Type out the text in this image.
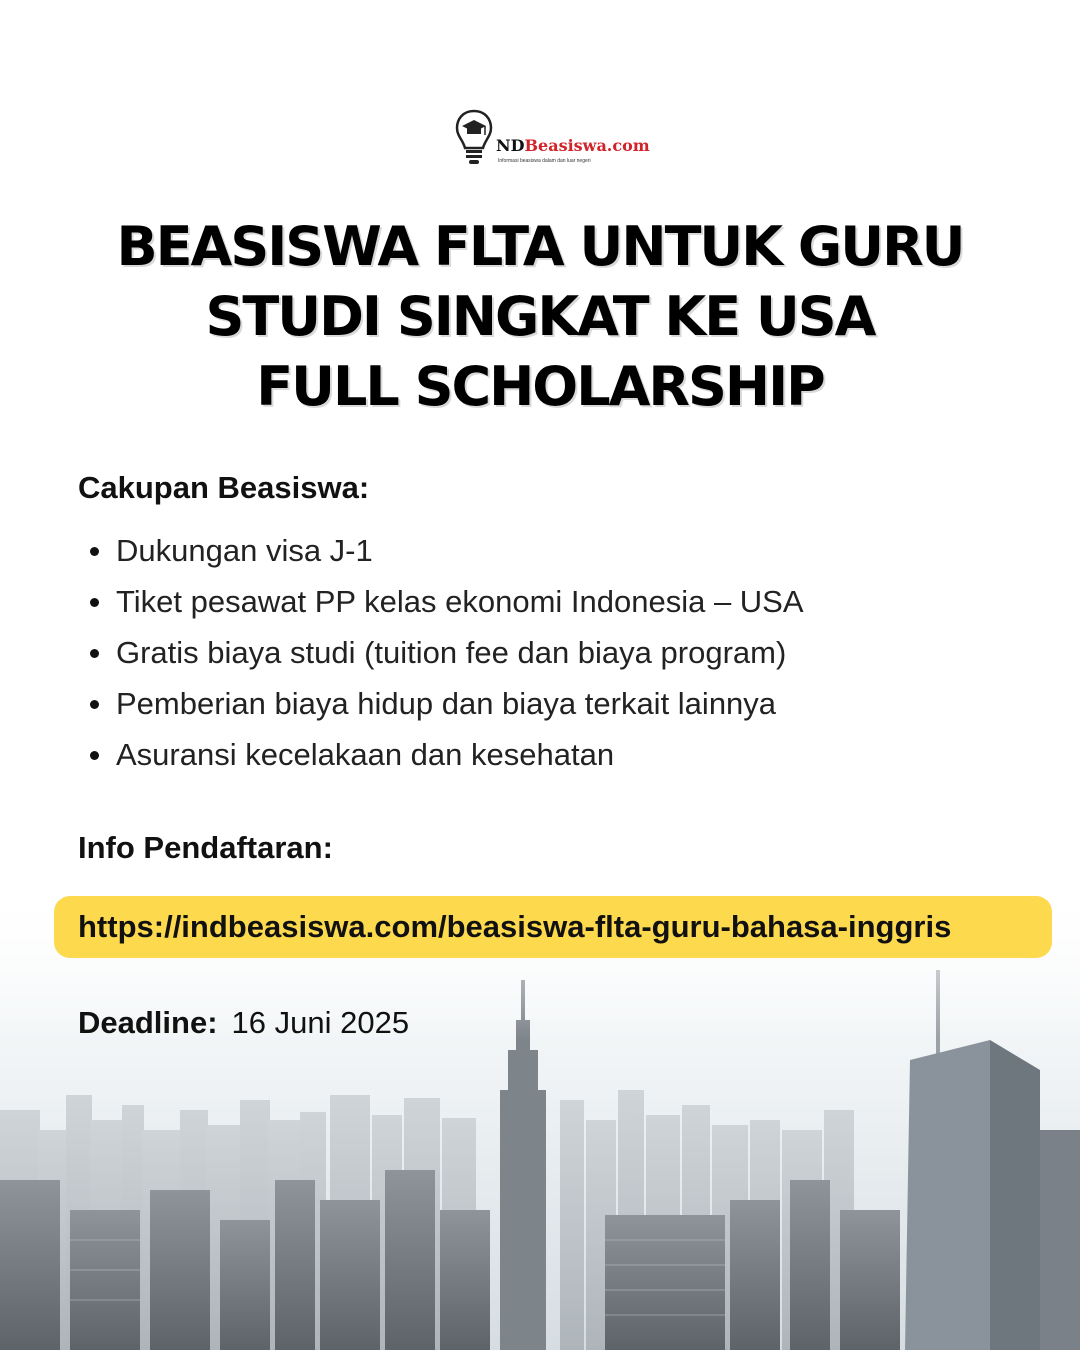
NDBeasiswa.com
Informasi beasiswa dalam dan luar negeri
BEASISWA FLTA UNTUK GURU
STUDI SINGKAT KE USA
FULL SCHOLARSHIP
Cakupan Beasiswa:
Dukungan visa J-1
Tiket pesawat PP kelas ekonomi Indonesia – USA
Gratis biaya studi (tuition fee dan biaya program)
Pemberian biaya hidup dan biaya terkait lainnya
Asuransi kecelakaan dan kesehatan
Info Pendaftaran:
https://indbeasiswa.com/beasiswa-flta-guru-bahasa-inggris
Deadline: 16 Juni 2025
